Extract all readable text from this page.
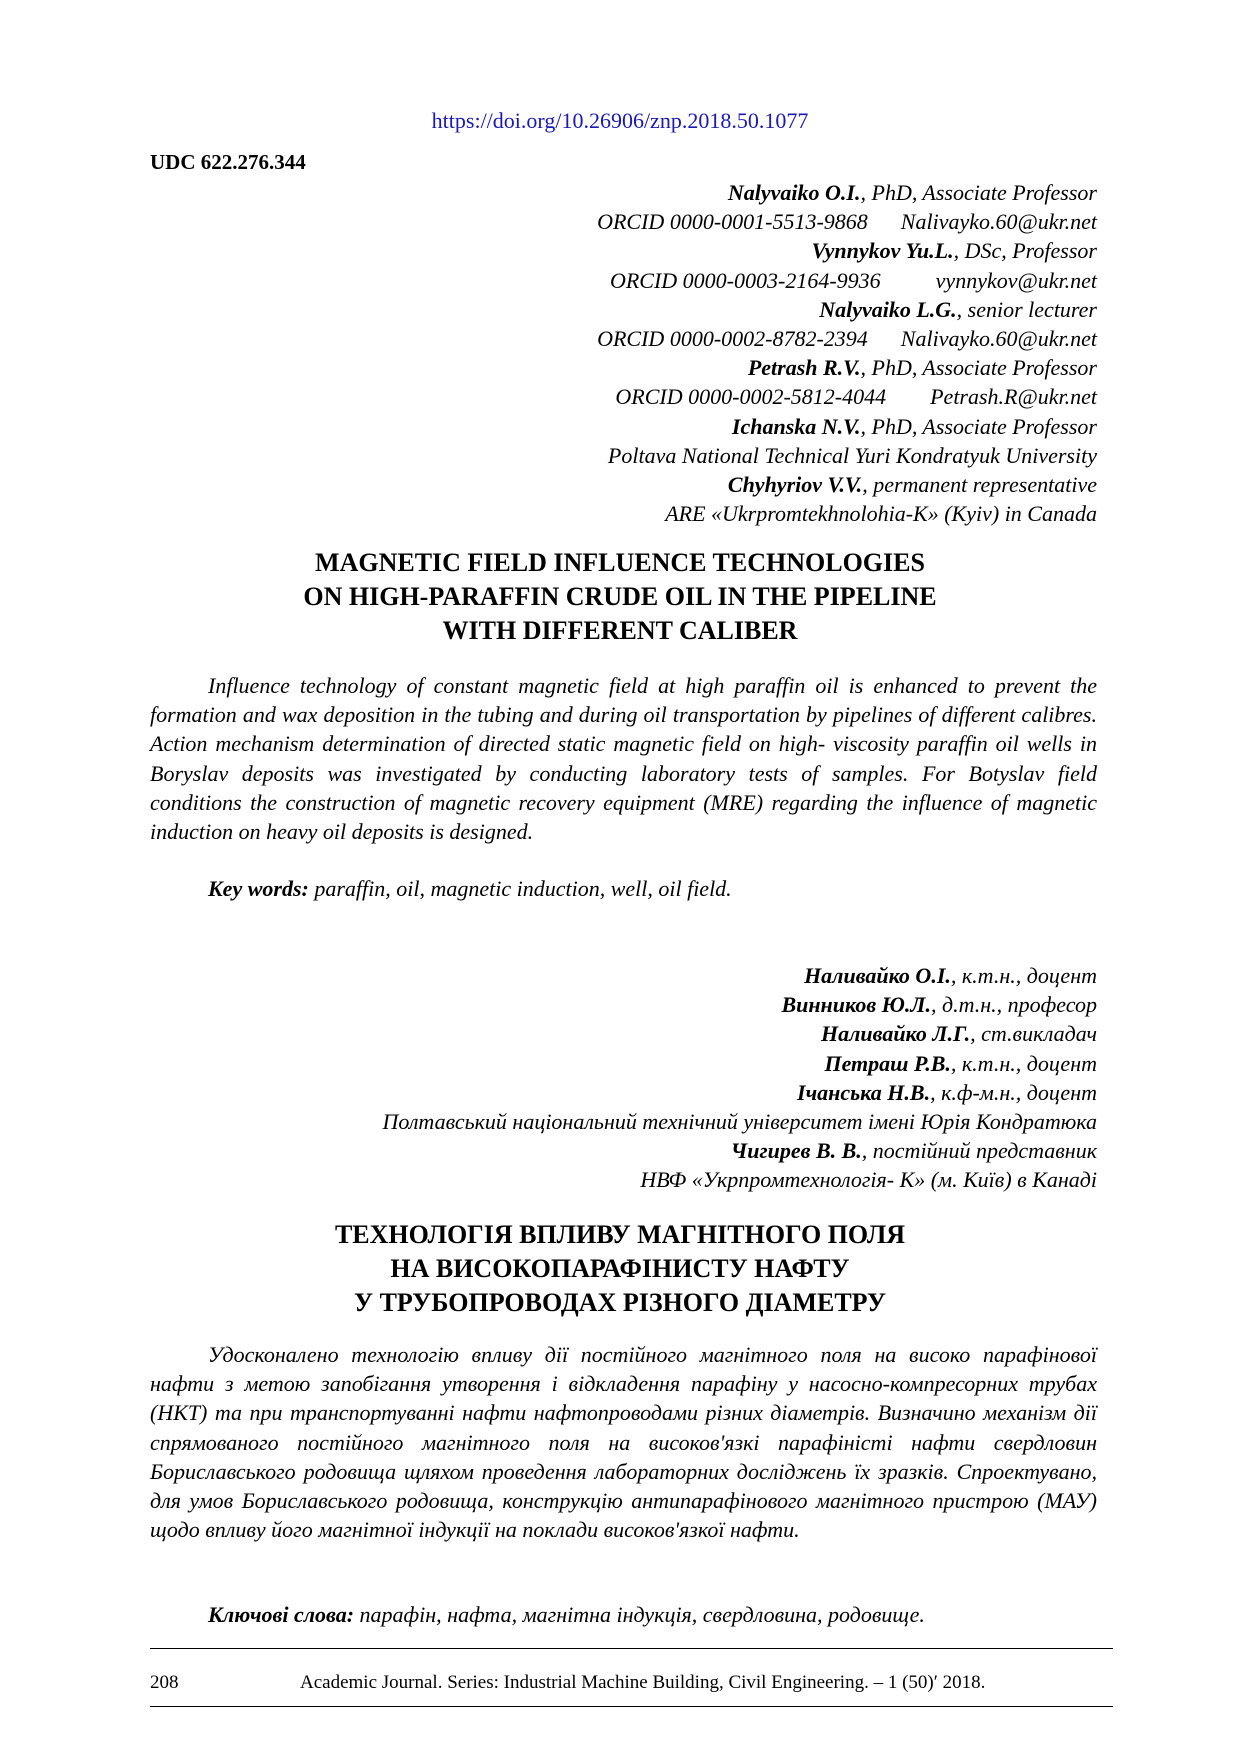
https://doi.org/10.26906/znp.2018.50.1077
UDC 622.276.344
Nalyvaiko O.I., PhD, Associate Professor
ORCID 0000-0001-5513-9868      Nalivayko.60@ukr.net
Vynnykov Yu.L., DSc, Professor
ORCID 0000-0003-2164-9936          vynnykov@ukr.net
Nalyvaiko L.G., senior lecturer
ORCID 0000-0002-8782-2394      Nalivayko.60@ukr.net
Petrash R.V., PhD, Associate Professor
ORCID 0000-0002-5812-4044        Petrash.R@ukr.net
Ichanska N.V., PhD, Associate Professor
Poltava National Technical Yuri Kondratyuk University
Chyhyriov V.V., permanent representative
ARE «Ukrpromtekhnolohia-K» (Kyiv) in Canada
MAGNETIC FIELD INFLUENCE TECHNOLOGIES
ON HIGH-PARAFFIN CRUDE OIL IN THE PIPELINE
WITH DIFFERENT CALIBER

Influence technology of constant magnetic field at high paraffin oil is enhanced to prevent the formation and wax deposition in the tubing and during oil transportation by pipelines of different calibres. Action mechanism determination of directed static magnetic field on high- viscosity paraffin oil wells in Boryslav deposits was investigated by conducting laboratory tests of samples. For Botyslav field conditions the construction of magnetic recovery equipment (MRE) regarding the influence of magnetic induction on heavy oil deposits is designed.

Key words: paraffin, oil, magnetic induction, well, oil field.
Наливайко О.І., к.т.н., доцент
Винников Ю.Л., д.т.н., професор
Наливайко Л.Г., ст.викладач
Петраш Р.В., к.т.н., доцент
Ічанська Н.В., к.ф-м.н., доцент
Полтавський національний технічний університет імені Юрія Кондратюка
Чигирев В. В., постійний представник
НВФ «Укрпромтехнологія- К» (м. Київ) в Канаді
ТЕХНОЛОГІЯ ВПЛИВУ МАГНІТНОГО ПОЛЯ
НА ВИСОКОПАРАФІНИСТУ НАФТУ
У ТРУБОПРОВОДАХ РІЗНОГО ДІАМЕТРУ

Удосконалено технологію впливу дії постійного магнітного поля на високо парафінової нафти з метою запобігання утворення і відкладення парафіну у насосно-компресорних трубах (НКТ) та при транспортуванні нафти нафтопроводами різних діаметрів. Визначино механізм дії спрямованого постійного магнітного поля на високов'язкі парафіністі нафти свердловин Бориславського родовища щляхом проведення лабораторних досліджень їх зразків. Спроектувано, для умов Бориславського родовища, конструкцію антипарафінового магнітного пристрою (МАУ) щодо впливу його магнітної індукції на поклади високов'язкої нафти.

Ключові слова: парафін, нафта, магнітна індукція, свердловина, родовище.
208	Academic Journal. Series: Industrial Machine Building, Civil Engineering. – 1 (50)′ 2018.
